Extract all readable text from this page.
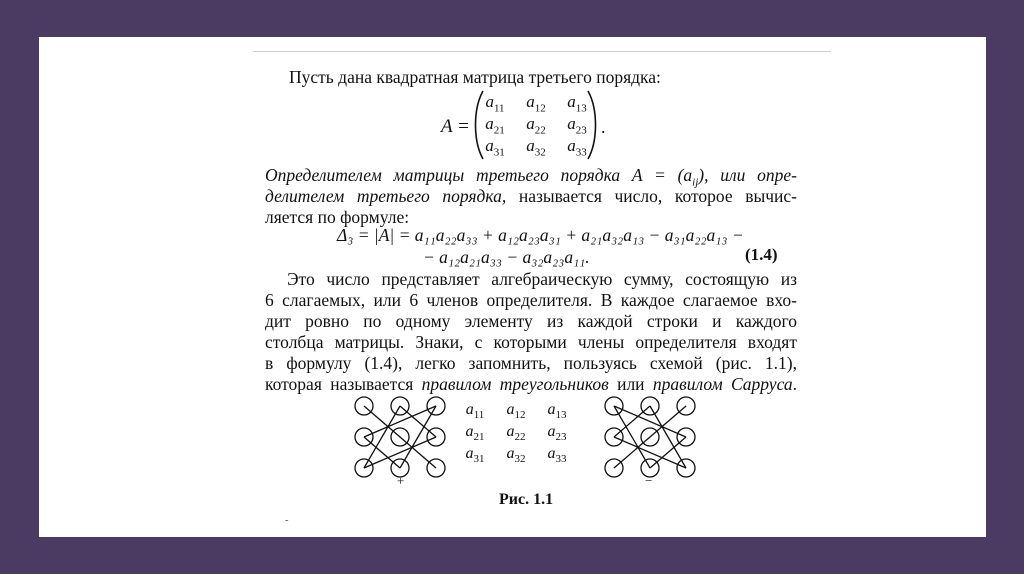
Пусть дана квадратная матрица третьего порядка:
A =
$a_{11}$	$a_{12}$	$a_{13}$
$a_{21}$	$a_{22}$	$a_{23}$
$a_{31}$	$a_{32}$	$a_{33}$
.
Определителем матрицы третьего порядка $A = (a_{ij})$, или опре-
делителем третьего порядка, называется число, которое вычис-
ляется по формуле:
Δ₃ = |A| = a₁₁a₂₂a₃₃ + a₁₂a₂₃a₃₁ + a₂₁a₃₂a₁₃ − a₃₁a₂₂a₁₃ −
− a₁₂a₂₁a₃₃ − a₃₂a₂₃a₁₁.	(1.4)
Это число представляет алгебраическую сумму, состоящую из
6 слагаемых, или 6 членов определителя. В каждое слагаемое вхо-
дит ровно по одному элементу из каждой строки и каждого
столбца матрицы. Знаки, с которыми члены определителя входят
в формулу (1.4), легко запомнить, пользуясь схемой (рис. 1.1),
которая называется правилом треугольников или правилом Сарруса.
+
$a_{11}$	$a_{12}$	$a_{13}$
$a_{21}$	$a_{22}$	$a_{23}$
$a_{31}$	$a_{32}$	$a_{33}$
−
Рис. 1.1
˜
